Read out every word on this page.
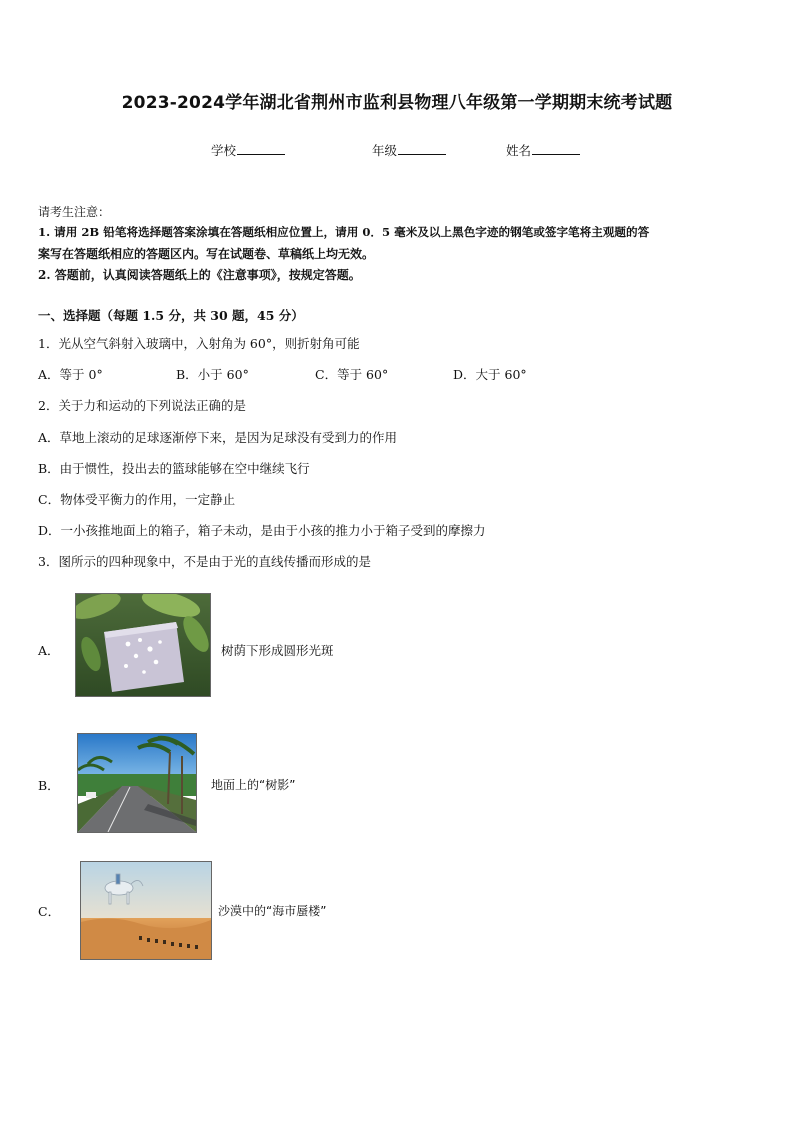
2023-2024学年湖北省荆州市监利县物理八年级第一学期期末统考试题
学校	年级	姓名
请考生注意：
1. 请用 2B 铅笔将选择题答案涂填在答题纸相应位置上，请用 0．5 毫米及以上黑色字迹的钢笔或签字笔将主观题的答
案写在答题纸相应的答题区内。写在试题卷、草稿纸上均无效。
2. 答题前，认真阅读答题纸上的《注意事项》，按规定答题。
一、选择题（每题 1.5 分，共 30 题，45 分）
1．光从空气斜射入玻璃中，入射角为 60°，则折射角可能
A．等于 0°	B．小于 60°	C．等于 60°	D．大于 60°
2．关于力和运动的下列说法正确的是
A．草地上滚动的足球逐渐停下来，是因为足球没有受到力的作用
B．由于惯性，投出去的篮球能够在空中继续飞行
C．物体受平衡力的作用，一定静止
D．一小孩推地面上的箱子，箱子未动，是由于小孩的推力小于箱子受到的摩擦力
3．图所示的四种现象中，不是由于光的直线传播而形成的是
A．	树荫下形成圆形光斑
B．	地面上的“树影”
C．	沙漠中的“海市蜃楼”
